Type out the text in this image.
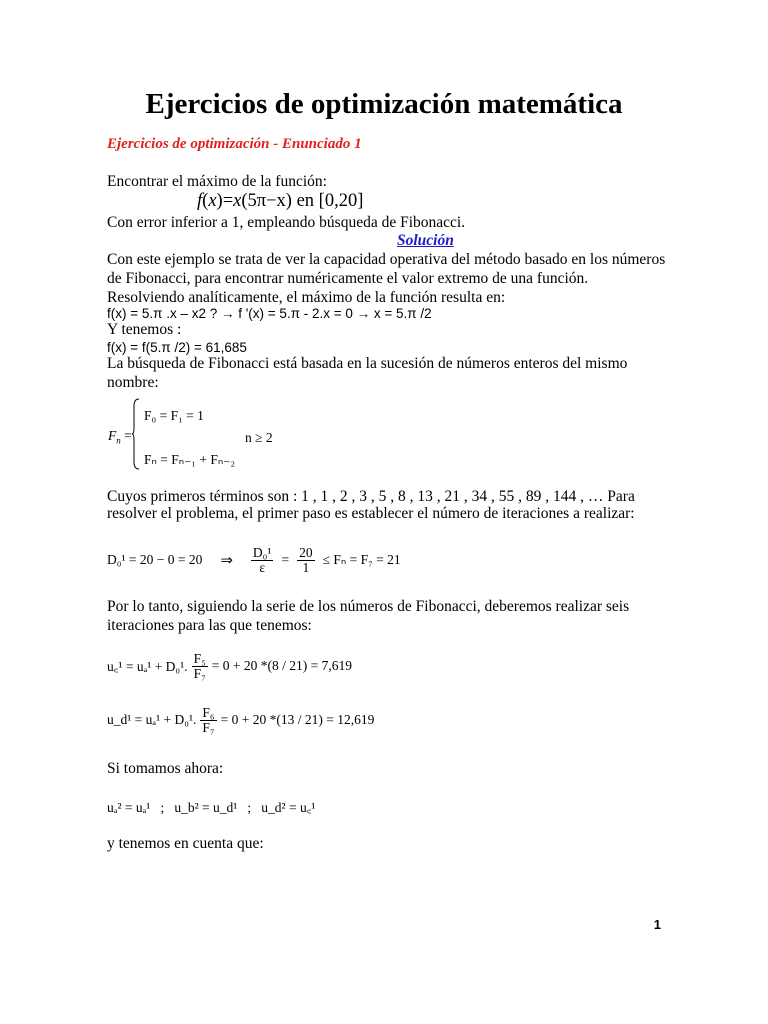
Ejercicios de optimización matemática
Ejercicios de optimización - Enunciado 1
Encontrar el máximo de la función:
f(x)=x(5π−x) en [0,20]
Con error inferior a 1, empleando búsqueda de Fibonacci.
Solución
Con este ejemplo se trata de ver la capacidad operativa del método basado en los números de Fibonacci, para encontrar numéricamente el valor extremo de una función. Resolviendo analíticamente, el máximo de la función resulta en:
f(x) = 5.π .x – x2 ? → f '(x) = 5.π - 2.x = 0 → x = 5.π /2
Y tenemos :
f(x) = f(5.π /2) = 61,685
La búsqueda de Fibonacci está basada en la sucesión de números enteros del mismo nombre:
$F_n$ =
F₀ = F₁ = 1
n ≥ 2
Fₙ = Fₙ₋₁ + Fₙ₋₂
Cuyos primeros términos son : 1 , 1 , 2 , 3 , 5 , 8 , 13 , 21 , 34 , 55 , 89 , 144 , … Para
resolver el problema, el primer paso es establecer el número de iteraciones a realizar:
D₀¹ = 20 − 0 = 20 ⇒ $\frac{\text{D₀¹}}{\varepsilon} = \frac{20}{1} \le F_n = F_7 = 21$
Por lo tanto, siguiendo la serie de los números de Fibonacci, deberemos realizar seis iteraciones para las que tenemos:
u꜀¹ = uₐ¹ + D₀¹. $\frac{\text{F₅}}{\text{F₇}} = 0 + 20$ *(8 / 21) = 7,619
u_d¹ = uₐ¹ + D₀¹. $\frac{\text{F₆}}{\text{F₇}} = 0 + 20$ *(13 / 21) = 12,619
Si tomamos ahora:
uₐ² = uₐ¹   ;   u_b² = u_d¹   ;   u_d² = u꜀¹
y tenemos en cuenta que:
1
